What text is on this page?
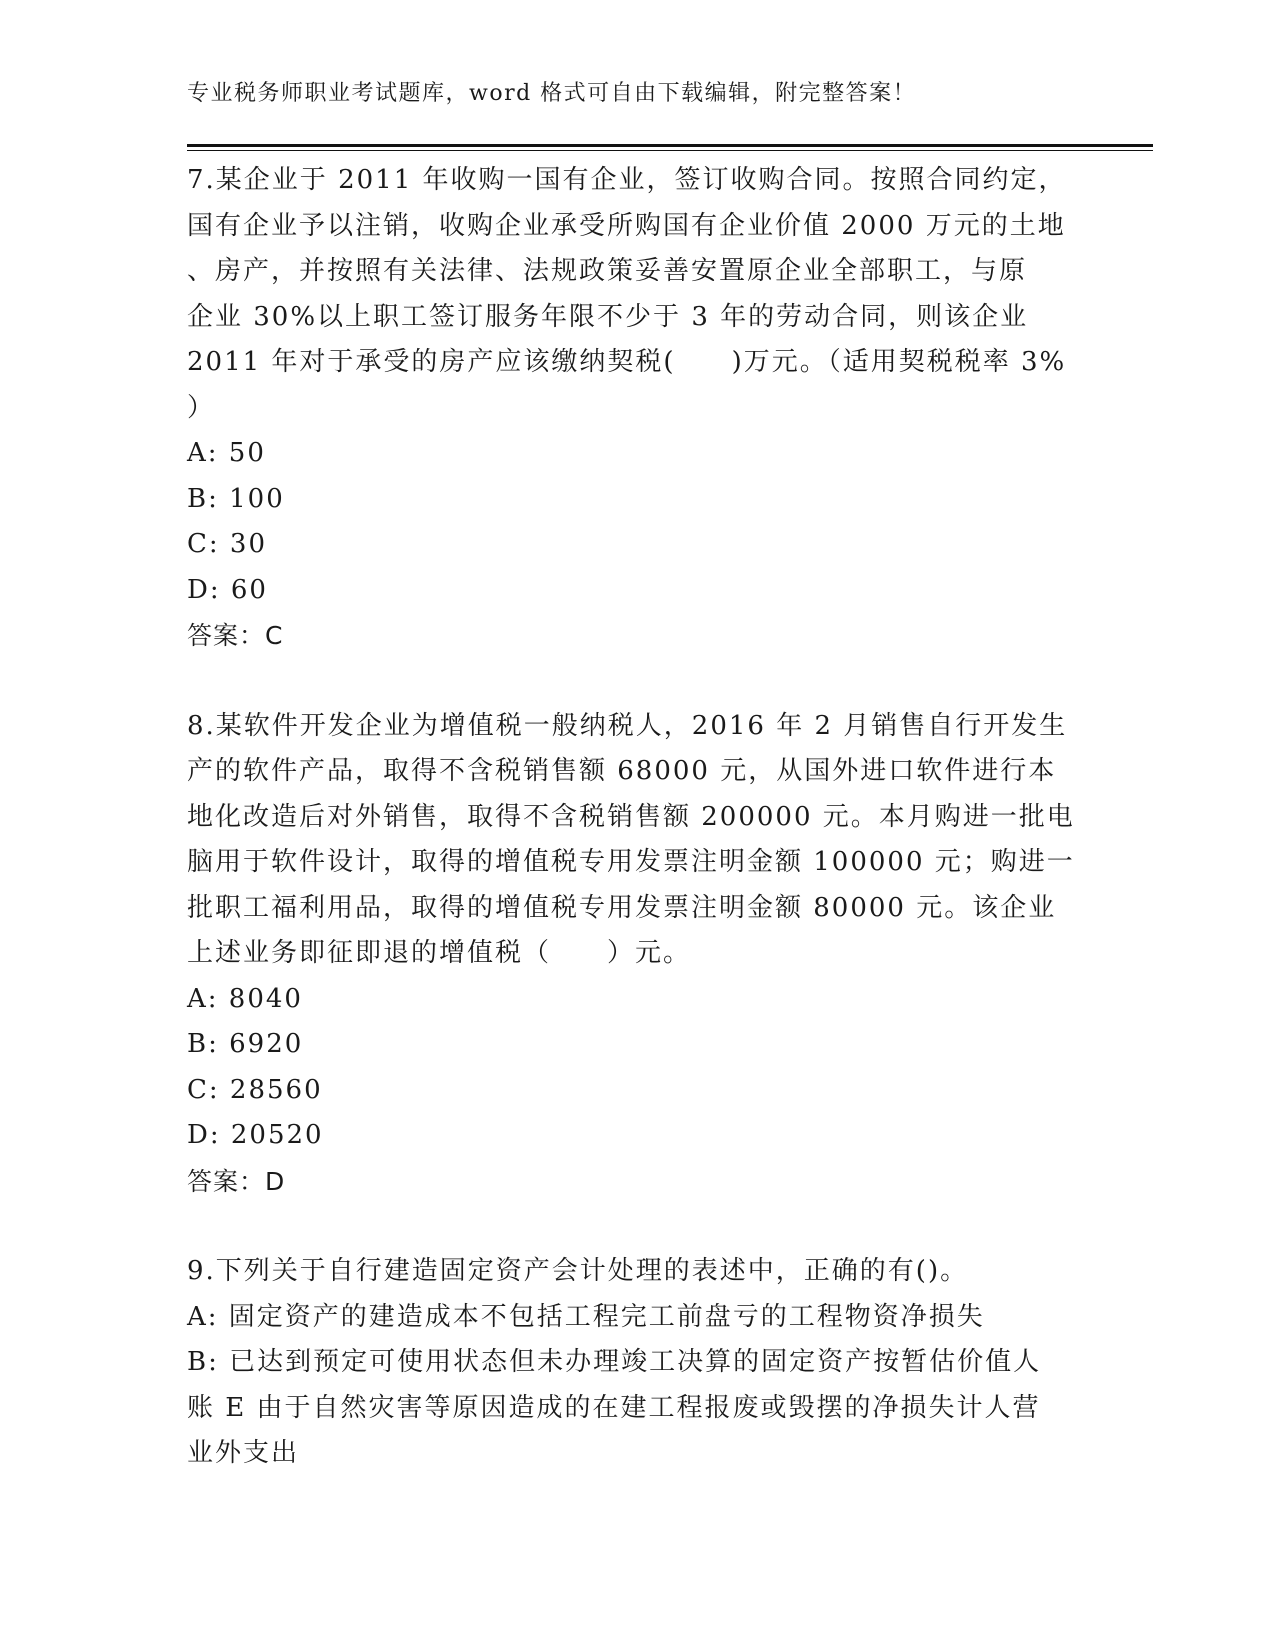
专业税务师职业考试题库，word 格式可自由下载编辑，附完整答案！
7.某企业于 2011 年收购一国有企业，签订收购合同。按照合同约定，
国有企业予以注销，收购企业承受所购国有企业价值 2000 万元的土地
、房产，并按照有关法律、法规政策妥善安置原企业全部职工，与原
企业 30%以上职工签订服务年限不少于 3 年的劳动合同，则该企业
2011 年对于承受的房产应该缴纳契税(　　)万元。（适用契税税率 3%
）
A: 50
B: 100
C: 30
D: 60
答案：C
8.某软件开发企业为增值税一般纳税人，2016 年 2 月销售自行开发生
产的软件产品，取得不含税销售额 68000 元，从国外进口软件进行本
地化改造后对外销售，取得不含税销售额 200000 元。本月购进一批电
脑用于软件设计，取得的增值税专用发票注明金额 100000 元；购进一
批职工福利用品，取得的增值税专用发票注明金额 80000 元。该企业
上述业务即征即退的增值税（　　）元。
A: 8040
B: 6920
C: 28560
D: 20520
答案：D
9.下列关于自行建造固定资产会计处理的表述中，正确的有()。
A: 固定资产的建造成本不包括工程完工前盘亏的工程物资净损失
B: 已达到预定可使用状态但未办理竣工决算的固定资产按暂估价值人
账 E 由于自然灾害等原因造成的在建工程报废或毁摆的净损失计人营
业外支出
